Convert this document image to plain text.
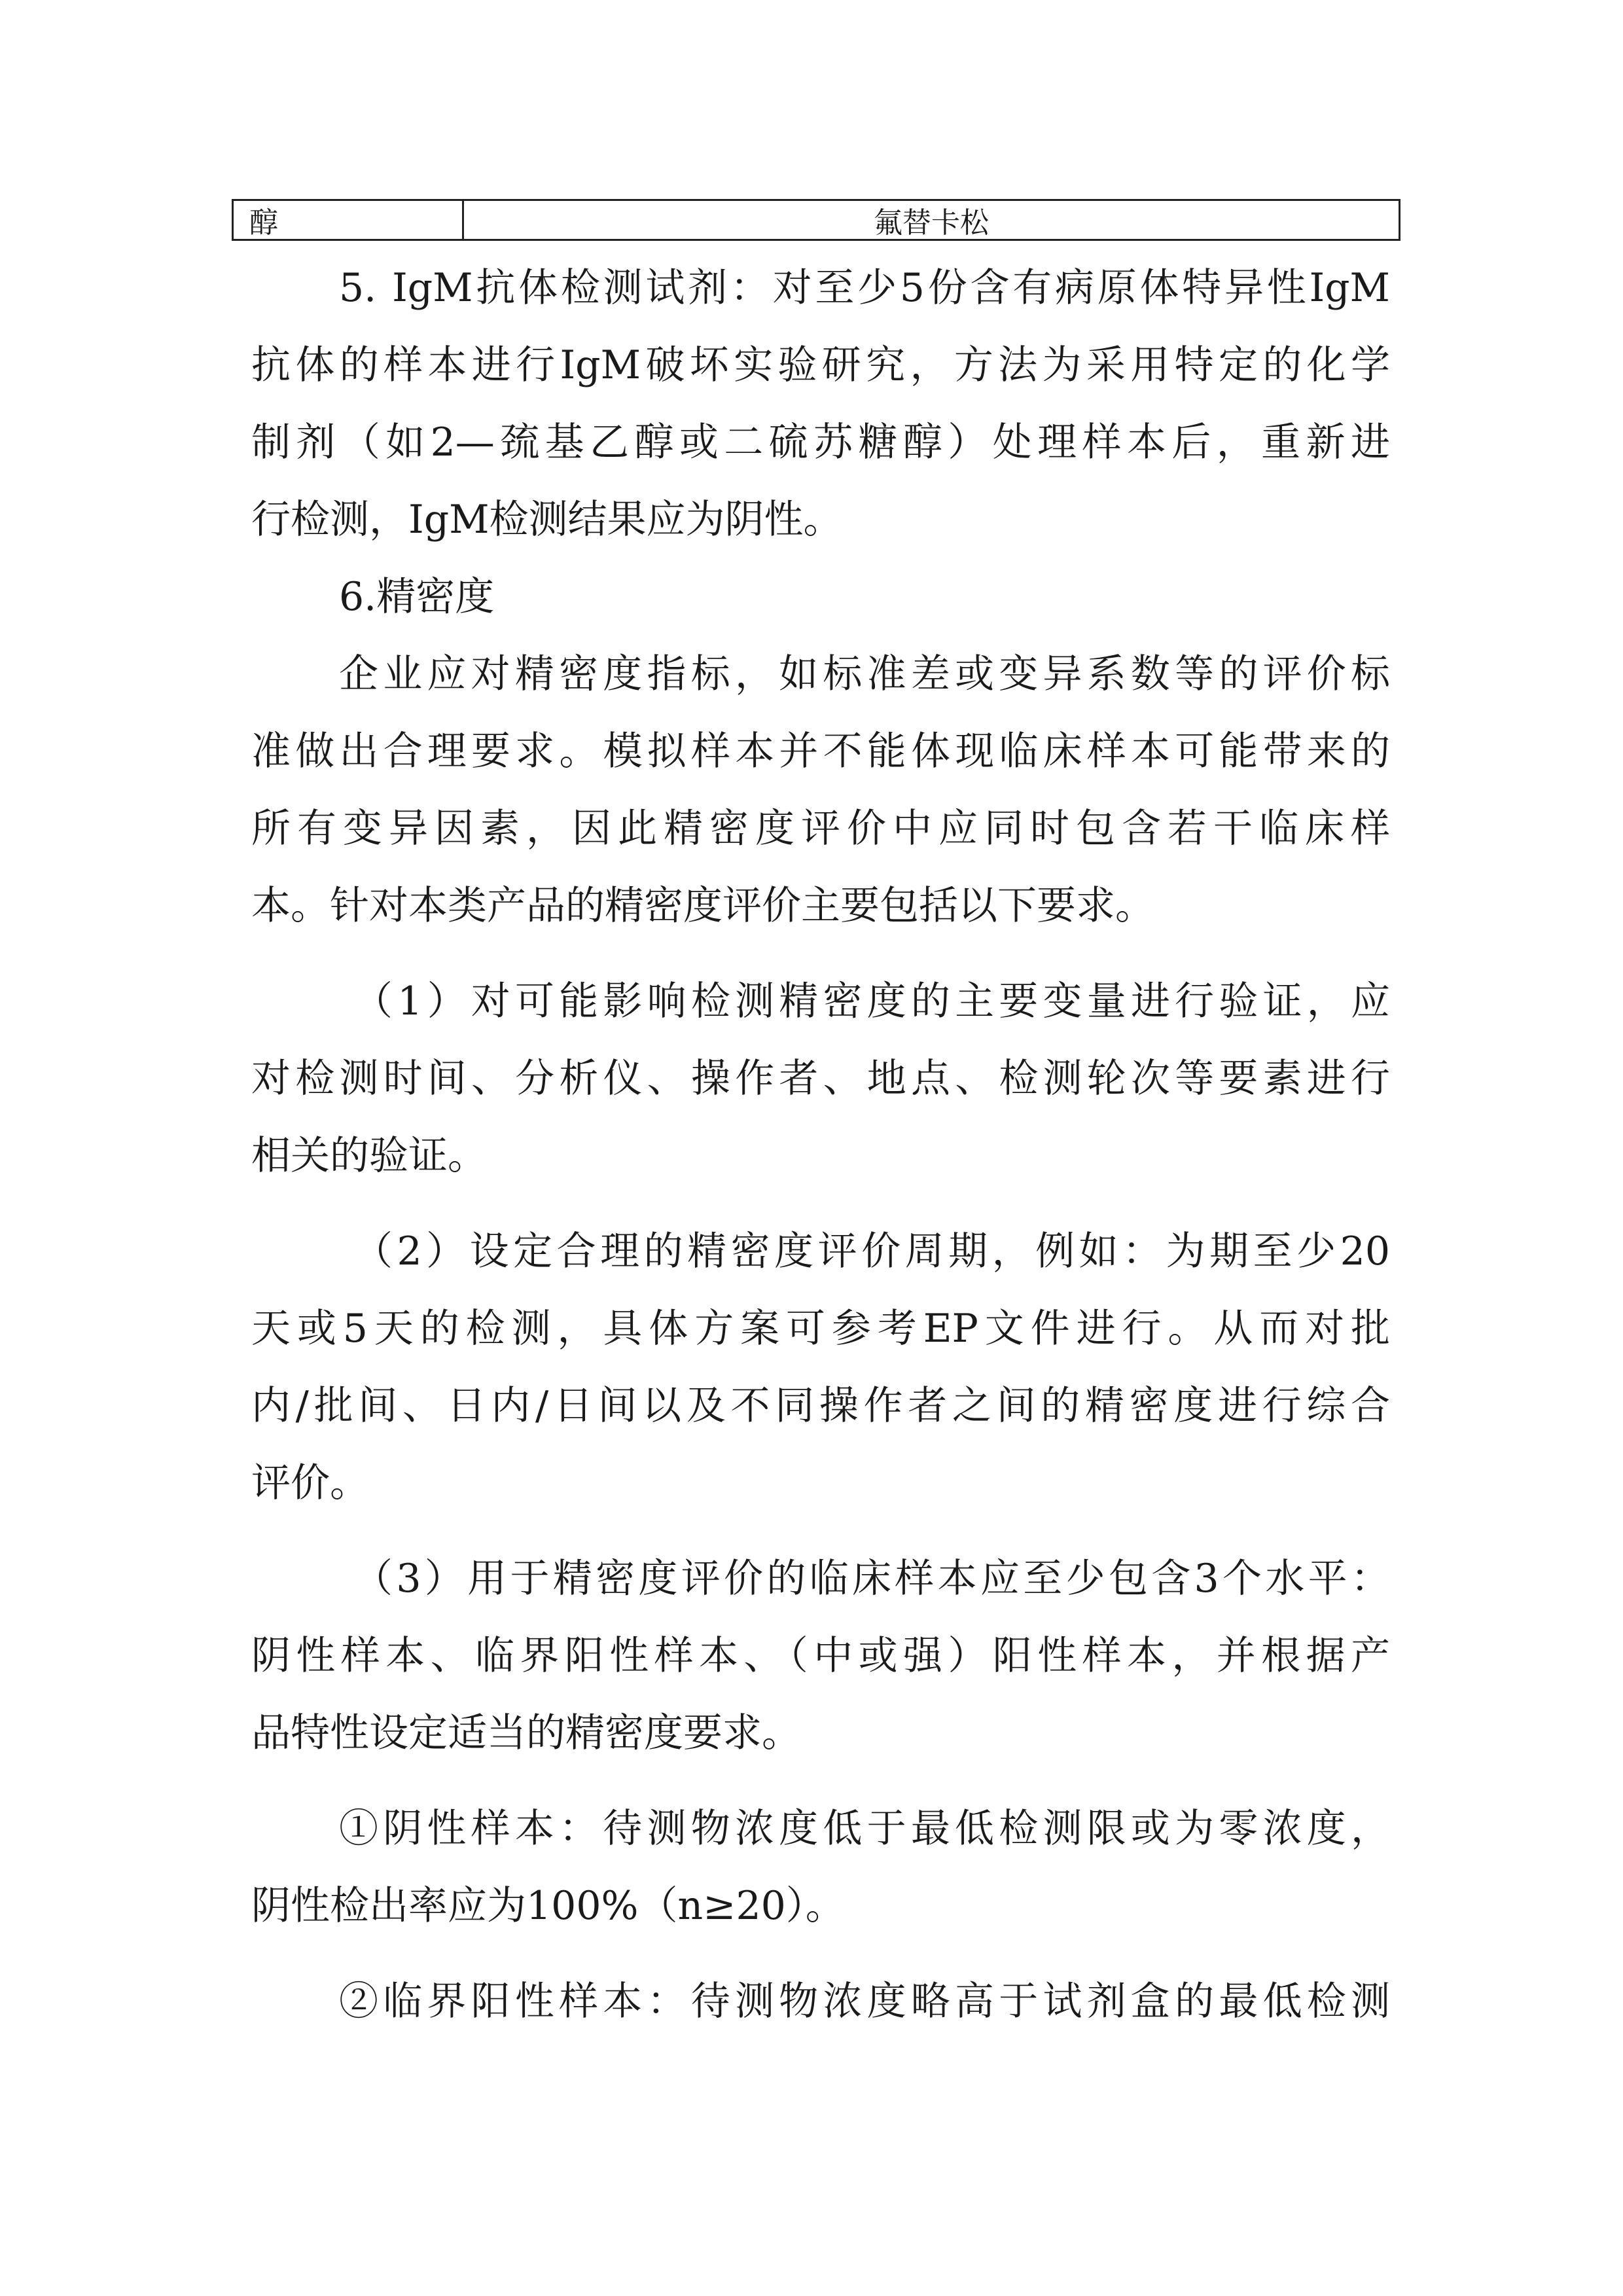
醇	氟替卡松
5. IgM抗体检测试剂：对至少5份含有病原体特异性IgM
抗体的样本进行IgM破坏实验研究，方法为采用特定的化学
制剂（如2—巯基乙醇或二硫苏糖醇）处理样本后，重新进
行检测，IgM检测结果应为阴性。
6.精密度
企业应对精密度指标，如标准差或变异系数等的评价标
准做出合理要求。模拟样本并不能体现临床样本可能带来的
所有变异因素，因此精密度评价中应同时包含若干临床样
本。针对本类产品的精密度评价主要包括以下要求。
（1）对可能影响检测精密度的主要变量进行验证，应
对检测时间、分析仪、操作者、地点、检测轮次等要素进行
相关的验证。
（2）设定合理的精密度评价周期，例如：为期至少20
天或5天的检测，具体方案可参考EP文件进行。从而对批
内/批间、日内/日间以及不同操作者之间的精密度进行综合
评价。
（3）用于精密度评价的临床样本应至少包含3个水平：
阴性样本、临界阳性样本、（中或强）阳性样本，并根据产
品特性设定适当的精密度要求。
①阴性样本：待测物浓度低于最低检测限或为零浓度，
阴性检出率应为100%（n≥20）。
②临界阳性样本：待测物浓度略高于试剂盒的最低检测
